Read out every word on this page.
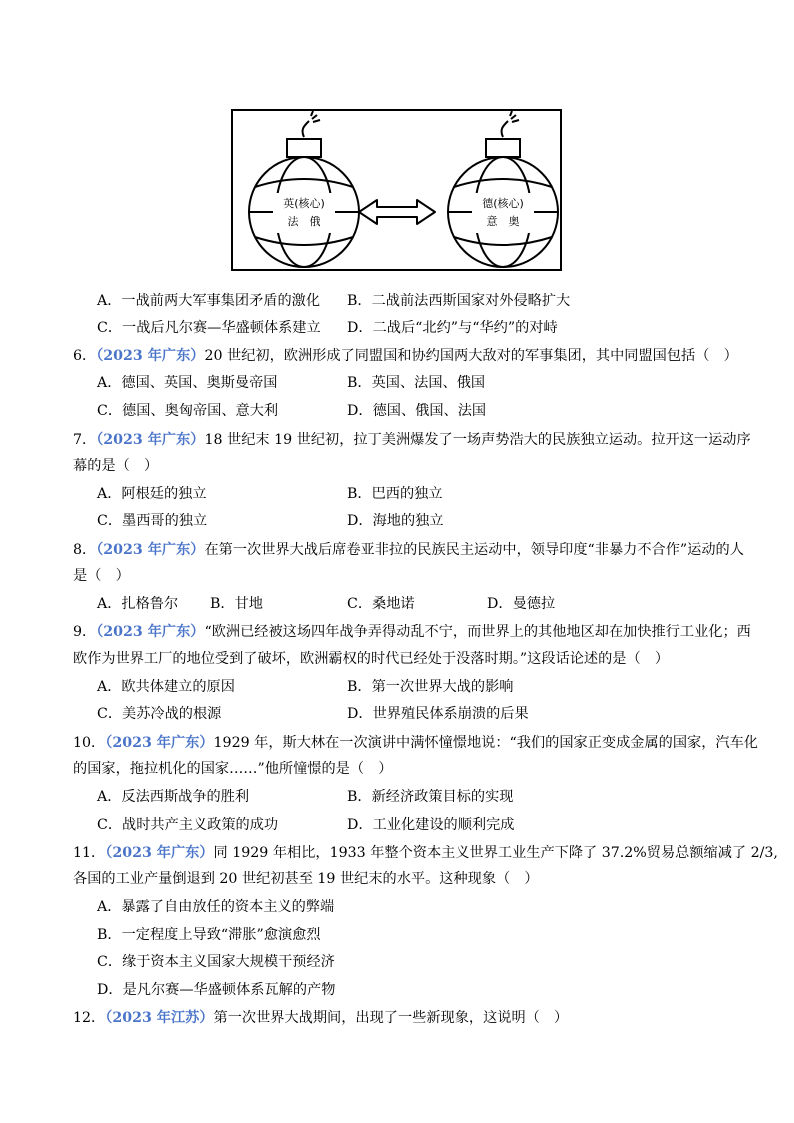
英(核心)
法　俄
德(核心)
意　奥
A．一战前两大军事集团矛盾的激化 B．二战前法西斯国家对外侵略扩大
C．一战后凡尔赛—华盛顿体系建立 D．二战后“北约”与“华约”的对峙
6．（2023 年广东）20 世纪初，欧洲形成了同盟国和协约国两大敌对的军事集团，其中同盟国包括（　）
A．德国、英国、奥斯曼帝国	B．英国、法国、俄国
C．德国、奥匈帝国、意大利	D．德国、俄国、法国
7．（2023 年广东）18 世纪末 19 世纪初，拉丁美洲爆发了一场声势浩大的民族独立运动。拉开这一运动序
幕的是（　）
A．阿根廷的独立	B．巴西的独立
C．墨西哥的独立	D．海地的独立
8．（2023 年广东）在第一次世界大战后席卷亚非拉的民族民主运动中，领导印度“非暴力不合作”运动的人
是（　）
A．扎格鲁尔 B．甘地	C．桑地诺	D．曼德拉
9．（2023 年广东）“欧洲已经被这场四年战争弄得动乱不宁，而世界上的其他地区却在加快推行工业化；西
欧作为世界工厂的地位受到了破坏，欧洲霸权的时代已经处于没落时期。”这段话论述的是（　）
A．欧共体建立的原因	B．第一次世界大战的影响
C．美苏冷战的根源	D．世界殖民体系崩溃的后果
10．（2023 年广东）1929 年，斯大林在一次演讲中满怀憧憬地说：“我们的国家正变成金属的国家，汽车化
的国家，拖拉机化的国家……”他所憧憬的是（　）
A．反法西斯战争的胜利	B．新经济政策目标的实现
C．战时共产主义政策的成功	D．工业化建设的顺利完成
11．（2023 年广东）同 1929 年相比，1933 年整个资本主义世界工业生产下降了 37.2%贸易总额缩减了 2/3,
各国的工业产量倒退到 20 世纪初甚至 19 世纪末的水平。这种现象（　）
A．暴露了自由放任的资本主义的弊端
B．一定程度上导致“滞胀”愈演愈烈
C．缘于资本主义国家大规模干预经济
D．是凡尔赛—华盛顿体系瓦解的产物
12．（2023 年江苏）第一次世界大战期间，出现了一些新现象，这说明（　）
